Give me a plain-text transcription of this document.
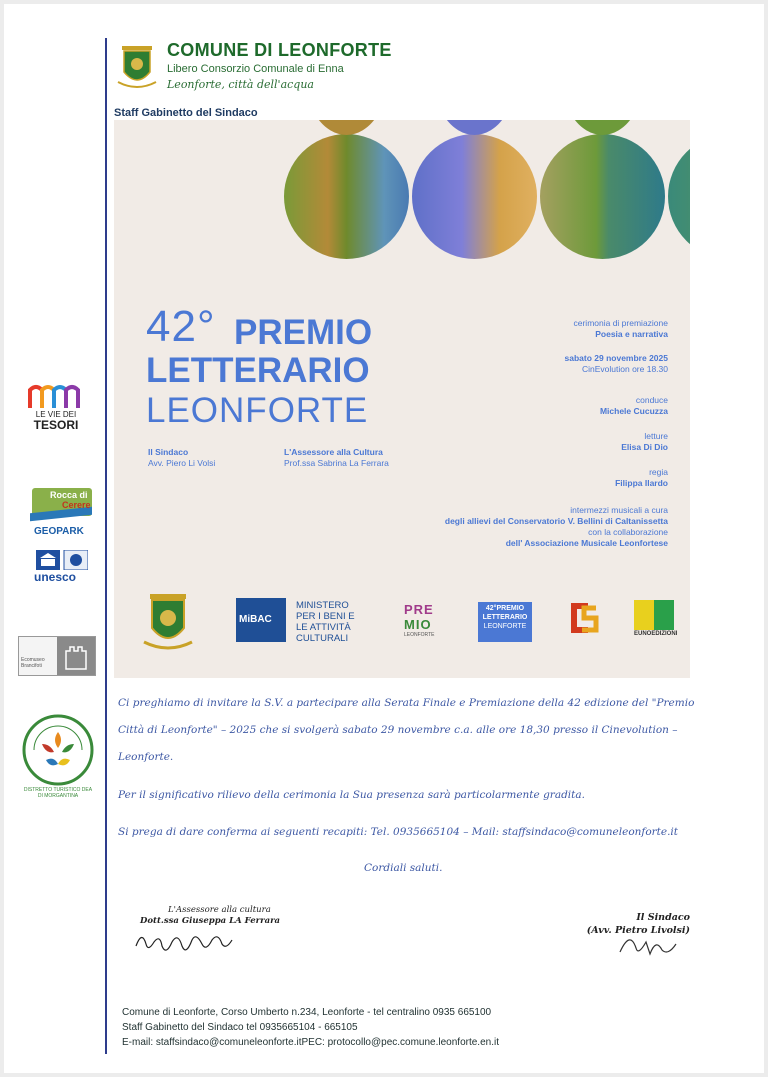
COMUNE DI LEONFORTE
Libero Consorzio Comunale di Enna
Leonforte, città dell'acqua
Staff Gabinetto del Sindaco
LE VIE DEI
TESORI
Rocca di
Cerere
GEOPARK
unesco
Ecomuseo Brancifoti
DISTRETTO TURISTICO DEA DI MORGANTINA
42° PREMIO
LETTERARIO
LEONFORTE
Il Sindaco
Avv. Piero Li Volsi
L'Assessore alla Cultura
Prof.ssa Sabrina La Ferrara
cerimonia di premiazione
Poesia e narrativa
sabato 29 novembre 2025
CinEvolution ore 18.30
conduce
Michele Cucuzza
letture
Elisa Di Dio
regia
Filippa Ilardo
intermezzi musicali a cura
degli allievi del Conservatorio V. Bellini di Caltanissetta
con la collaborazione
dell' Associazione Musicale Leonfortese
MiBAC
MINISTERO
PER I BENI E
LE ATTIVITÀ
CULTURALI
PRE
MIO
LEONFORTE
42°PREMIO
LETTERARIO
LEONFORTE
EUNOEDIZIONI
Ci preghiamo di invitare la S.V. a partecipare alla Serata Finale e Premiazione della 42 edizione del "Premio
Città di Leonforte" – 2025 che si svolgerà sabato 29 novembre c.a. alle ore 18,30 presso il Cinevolution –
Leonforte.
Per il significativo rilievo della cerimonia la Sua presenza sarà particolarmente gradita.
Si prega di dare conferma ai seguenti recapiti: Tel. 0935665104 – Mail: staffsindaco@comuneleonforte.it
Cordiali saluti.
L'Assessore alla cultura
Dott.ssa Giuseppa LA Ferrara	Il Sindaco
(Avv. Pietro Livolsi)
Comune di Leonforte, Corso Umberto n.234, Leonforte - tel centralino 0935 665100
Staff Gabinetto del Sindaco tel 0935665104 - 665105
E-mail: staffsindaco@comuneleonforte.itPEC: protocollo@pec.comune.leonforte.en.it
